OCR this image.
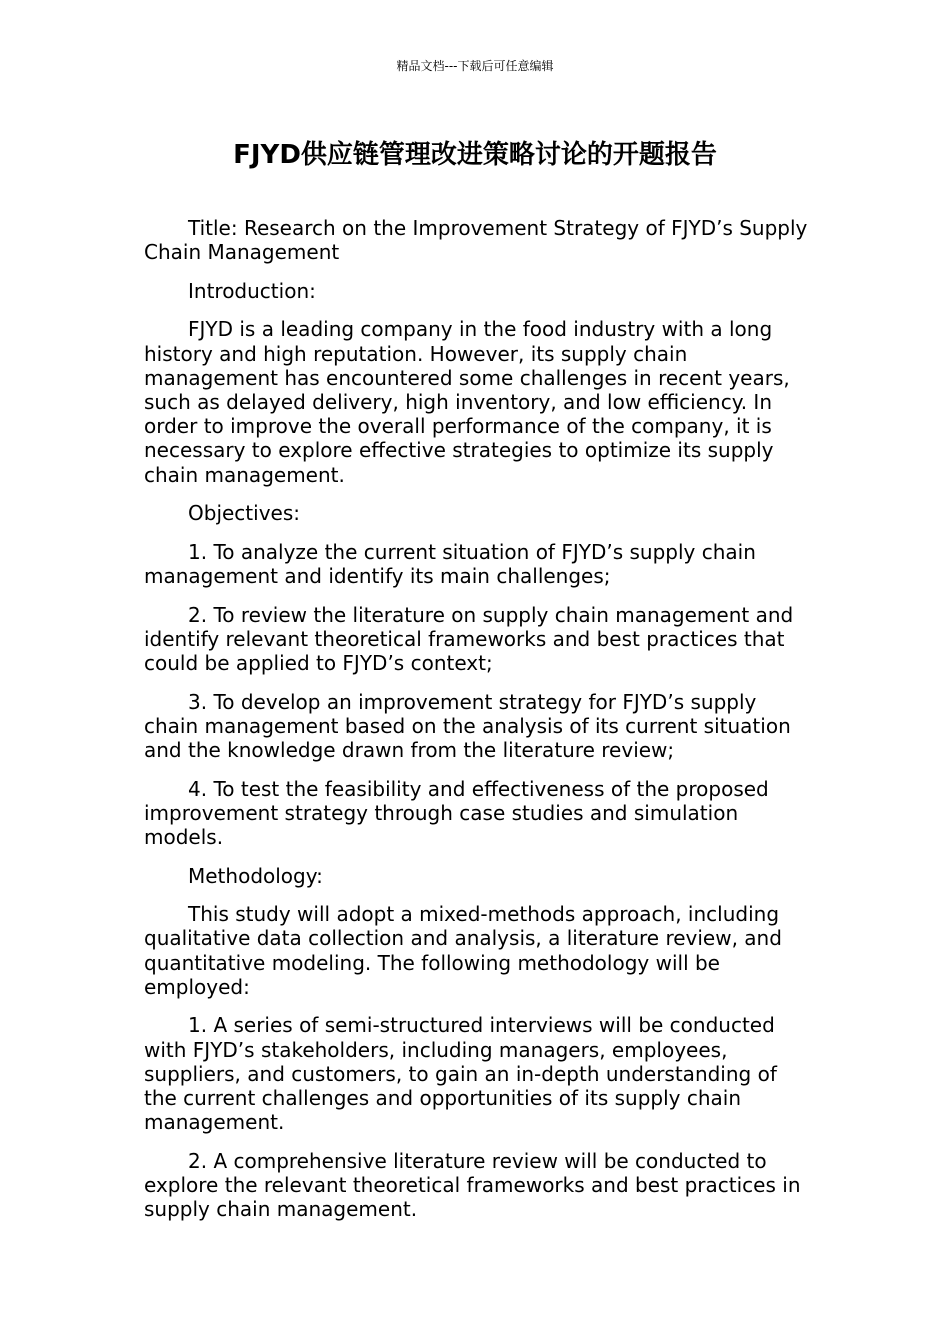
精品文档---下载后可任意编辑
FJYD供应链管理改进策略讨论的开题报告

Title: Research on the Improvement Strategy of FJYD’s Supply Chain Management

Introduction:

FJYD is a leading company in the food industry with a long history and high reputation. However, its supply chain management has encountered some challenges in recent years, such as delayed delivery, high inventory, and low efficiency. In order to improve the overall performance of the company, it is necessary to explore effective strategies to optimize its supply chain management.

Objectives:

1. To analyze the current situation of FJYD’s supply chain management and identify its main challenges;

2. To review the literature on supply chain management and identify relevant theoretical frameworks and best practices that could be applied to FJYD’s context;

3. To develop an improvement strategy for FJYD’s supply chain management based on the analysis of its current situation and the knowledge drawn from the literature review;

4. To test the feasibility and effectiveness of the proposed improvement strategy through case studies and simulation models.

Methodology:

This study will adopt a mixed-methods approach, including qualitative data collection and analysis, a literature review, and quantitative modeling. The following methodology will be employed:

1. A series of semi-structured interviews will be conducted with FJYD’s stakeholders, including managers, employees, suppliers, and customers, to gain an in-depth understanding of the current challenges and opportunities of its supply chain management.

2. A comprehensive literature review will be conducted to explore the relevant theoretical frameworks and best practices in supply chain management.
